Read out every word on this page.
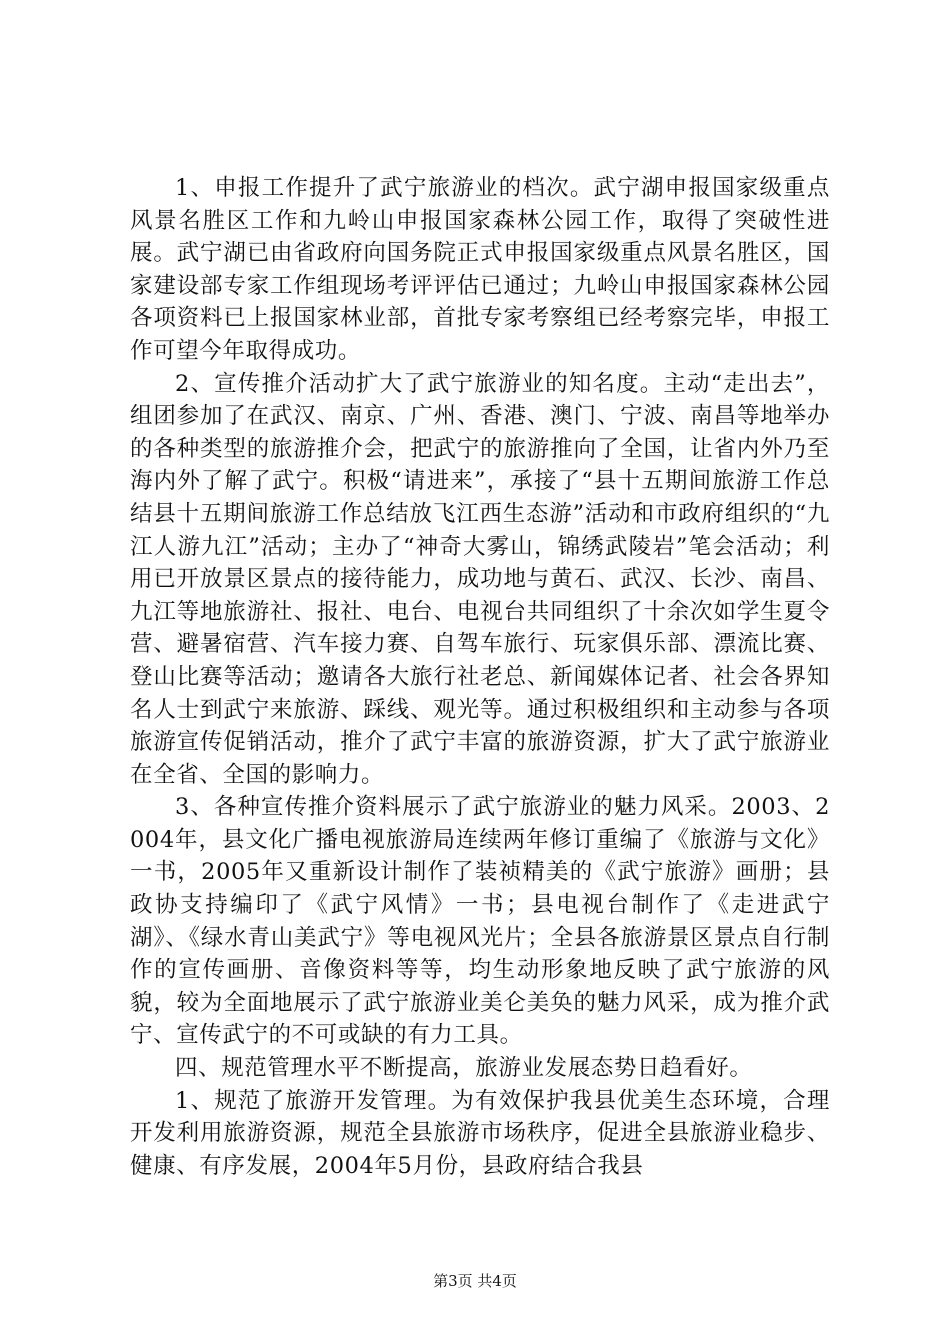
1、申报工作提升了武宁旅游业的档次。武宁湖申报国家级重点风景名胜区工作和九岭山申报国家森林公园工作，取得了突破性进展。武宁湖已由省政府向国务院正式申报国家级重点风景名胜区，国家建设部专家工作组现场考评评估已通过；九岭山申报国家森林公园各项资料已上报国家林业部，首批专家考察组已经考察完毕，申报工作可望今年取得成功。

2、宣传推介活动扩大了武宁旅游业的知名度。主动“走出去”，组团参加了在武汉、南京、广州、香港、澳门、宁波、南昌等地举办的各种类型的旅游推介会，把武宁的旅游推向了全国，让省内外乃至海内外了解了武宁。积极“请进来”，承接了“县十五期间旅游工作总结县十五期间旅游工作总结放飞江西生态游”活动和市政府组织的“九江人游九江”活动；主办了“神奇大雾山，锦绣武陵岩”笔会活动；利用已开放景区景点的接待能力，成功地与黄石、武汉、长沙、南昌、九江等地旅游社、报社、电台、电视台共同组织了十余次如学生夏令营、避暑宿营、汽车接力赛、自驾车旅行、玩家俱乐部、漂流比赛、登山比赛等活动；邀请各大旅行社老总、新闻媒体记者、社会各界知名人士到武宁来旅游、踩线、观光等。通过积极组织和主动参与各项旅游宣传促销活动，推介了武宁丰富的旅游资源，扩大了武宁旅游业在全省、全国的影响力。

3、各种宣传推介资料展示了武宁旅游业的魅力风采。2003、2004年，县文化广播电视旅游局连续两年修订重编了《旅游与文化》一书，2005年又重新设计制作了装祯精美的《武宁旅游》画册；县政协支持编印了《武宁风情》一书；县电视台制作了《走进武宁湖》、《绿水青山美武宁》等电视风光片；全县各旅游景区景点自行制作的宣传画册、音像资料等等，均生动形象地反映了武宁旅游的风貌，较为全面地展示了武宁旅游业美仑美奂的魅力风采，成为推介武宁、宣传武宁的不可或缺的有力工具。

四、规范管理水平不断提高，旅游业发展态势日趋看好。

1、规范了旅游开发管理。为有效保护我县优美生态环境，合理开发利用旅游资源，规范全县旅游市场秩序，促进全县旅游业稳步、健康、有序发展，2004年5月份，县政府结合我县

第3页 共4页
